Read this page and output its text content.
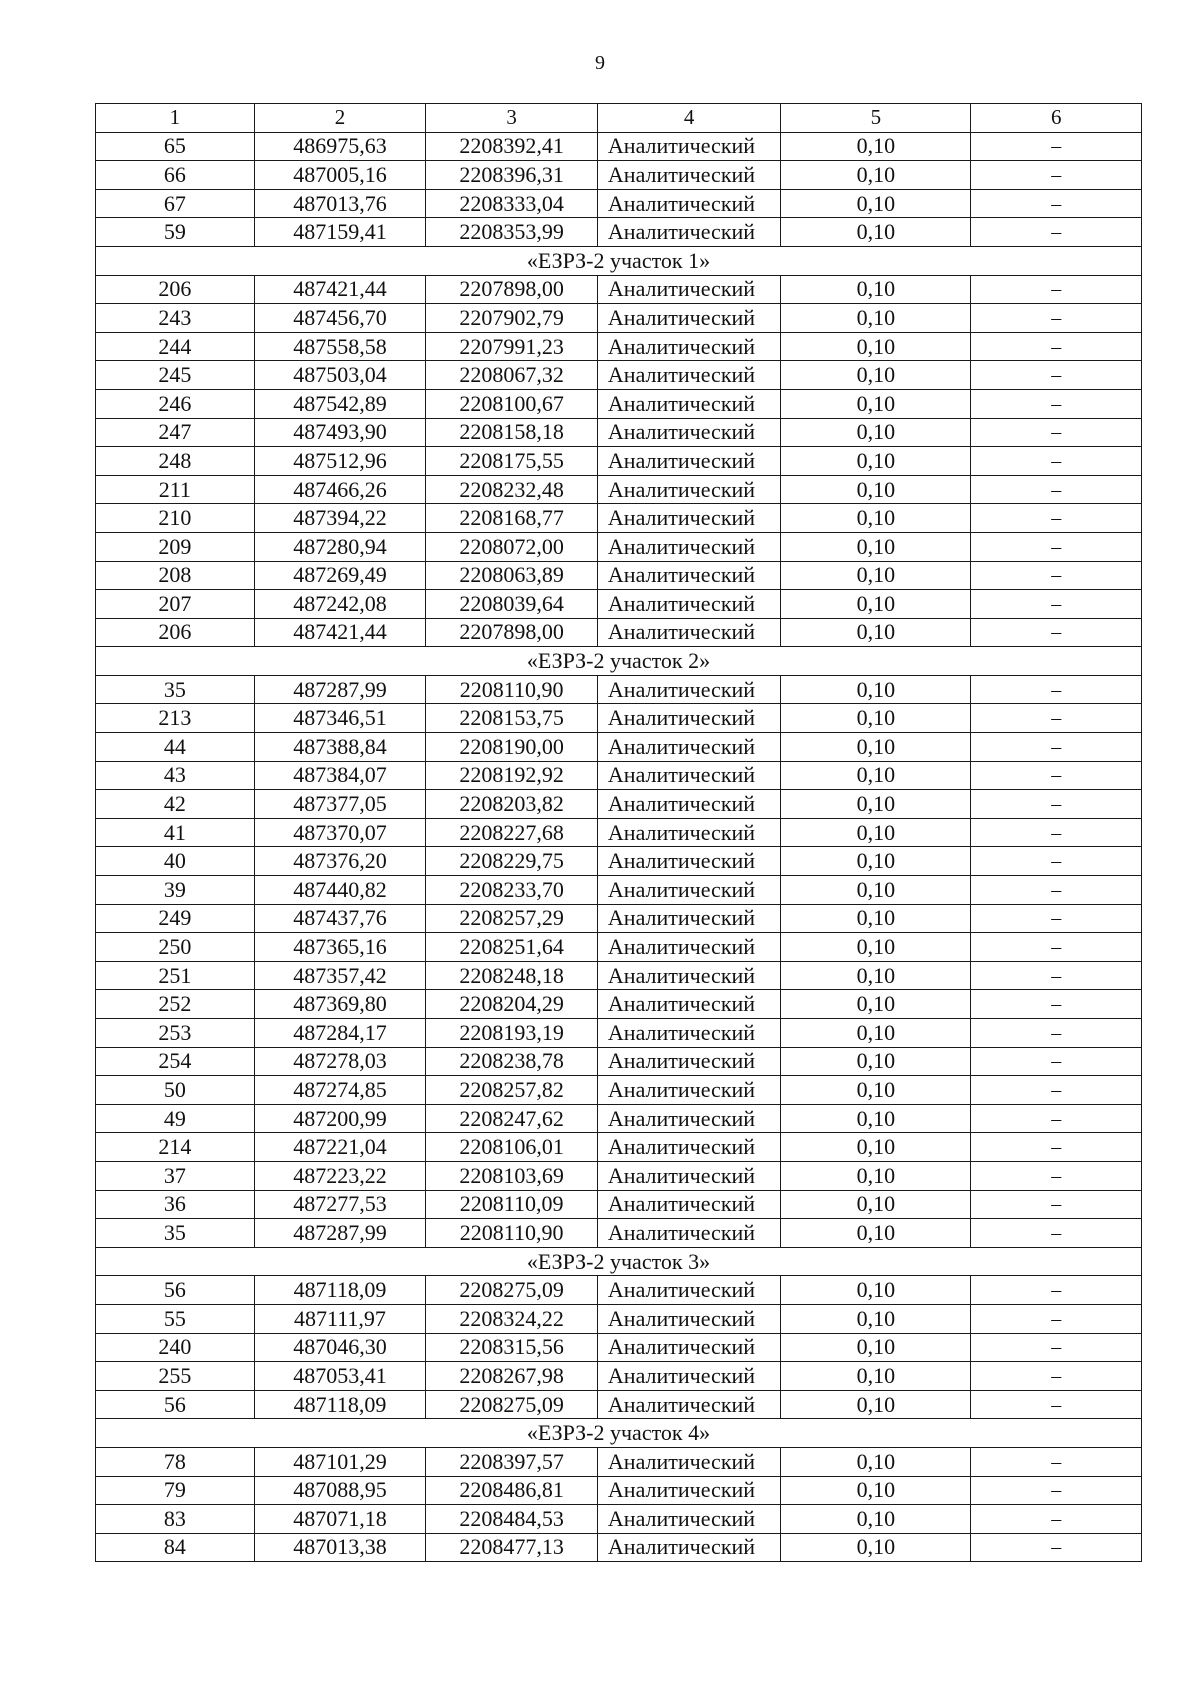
9
1	2	3	4	5	6
65	486975,63	2208392,41	Аналитический	0,10	–
66	487005,16	2208396,31	Аналитический	0,10	–
67	487013,76	2208333,04	Аналитический	0,10	–
59	487159,41	2208353,99	Аналитический	0,10	–
«ЕЗРЗ-2 участок 1»					
206	487421,44	2207898,00	Аналитический	0,10	–
243	487456,70	2207902,79	Аналитический	0,10	–
244	487558,58	2207991,23	Аналитический	0,10	–
245	487503,04	2208067,32	Аналитический	0,10	–
246	487542,89	2208100,67	Аналитический	0,10	–
247	487493,90	2208158,18	Аналитический	0,10	–
248	487512,96	2208175,55	Аналитический	0,10	–
211	487466,26	2208232,48	Аналитический	0,10	–
210	487394,22	2208168,77	Аналитический	0,10	–
209	487280,94	2208072,00	Аналитический	0,10	–
208	487269,49	2208063,89	Аналитический	0,10	–
207	487242,08	2208039,64	Аналитический	0,10	–
206	487421,44	2207898,00	Аналитический	0,10	–
«ЕЗРЗ-2 участок 2»					
35	487287,99	2208110,90	Аналитический	0,10	–
213	487346,51	2208153,75	Аналитический	0,10	–
44	487388,84	2208190,00	Аналитический	0,10	–
43	487384,07	2208192,92	Аналитический	0,10	–
42	487377,05	2208203,82	Аналитический	0,10	–
41	487370,07	2208227,68	Аналитический	0,10	–
40	487376,20	2208229,75	Аналитический	0,10	–
39	487440,82	2208233,70	Аналитический	0,10	–
249	487437,76	2208257,29	Аналитический	0,10	–
250	487365,16	2208251,64	Аналитический	0,10	–
251	487357,42	2208248,18	Аналитический	0,10	–
252	487369,80	2208204,29	Аналитический	0,10	–
253	487284,17	2208193,19	Аналитический	0,10	–
254	487278,03	2208238,78	Аналитический	0,10	–
50	487274,85	2208257,82	Аналитический	0,10	–
49	487200,99	2208247,62	Аналитический	0,10	–
214	487221,04	2208106,01	Аналитический	0,10	–
37	487223,22	2208103,69	Аналитический	0,10	–
36	487277,53	2208110,09	Аналитический	0,10	–
35	487287,99	2208110,90	Аналитический	0,10	–
«ЕЗРЗ-2 участок 3»					
56	487118,09	2208275,09	Аналитический	0,10	–
55	487111,97	2208324,22	Аналитический	0,10	–
240	487046,30	2208315,56	Аналитический	0,10	–
255	487053,41	2208267,98	Аналитический	0,10	–
56	487118,09	2208275,09	Аналитический	0,10	–
«ЕЗРЗ-2 участок 4»					
78	487101,29	2208397,57	Аналитический	0,10	–
79	487088,95	2208486,81	Аналитический	0,10	–
83	487071,18	2208484,53	Аналитический	0,10	–
84	487013,38	2208477,13	Аналитический	0,10	–
